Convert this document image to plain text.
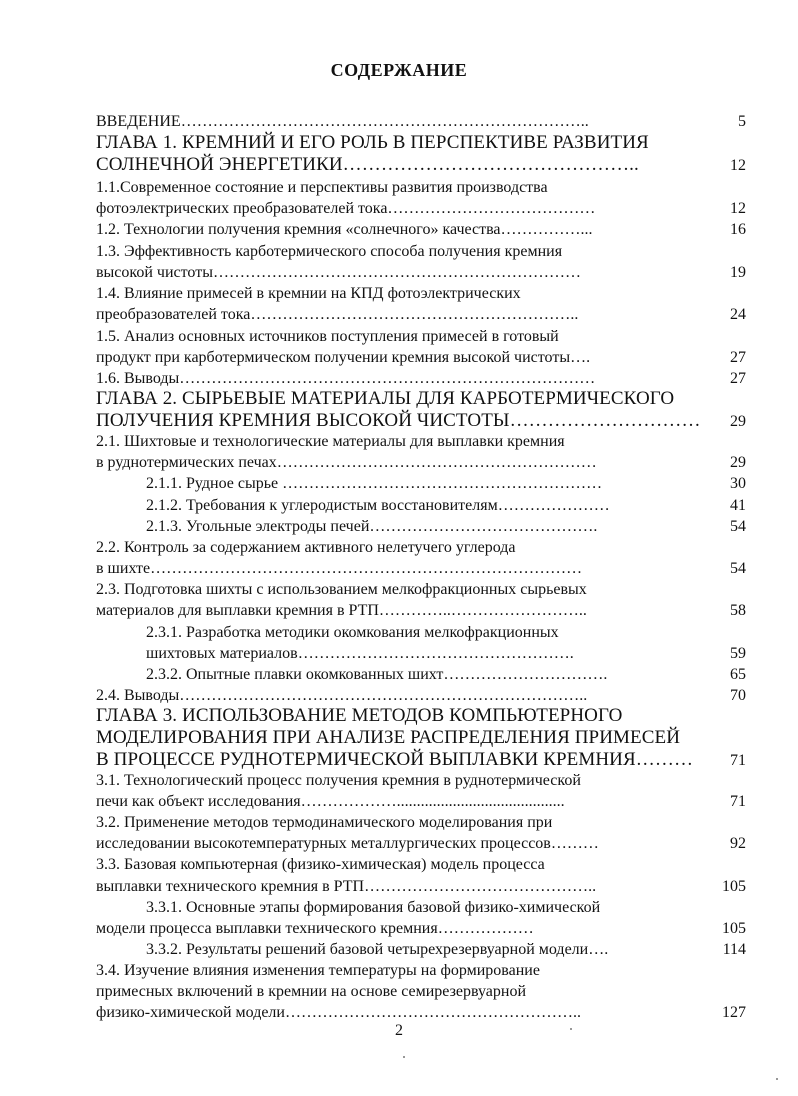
СОДЕРЖАНИЕ
ВВЕДЕНИЕ…………………………………………………………………..	5
ГЛАВА 1. КРЕМНИЙ И ЕГО РОЛЬ В ПЕРСПЕКТИВЕ РАЗВИТИЯ
СОЛНЕЧНОЙ ЭНЕРГЕТИКИ………………………………………..	12
1.1.Современное состояние и перспективы развития производства
фотоэлектрических преобразователей тока…………………………………	12
1.2. Технологии получения кремния «солнечного» качества……………...	16
1.3. Эффективность карботермического способа получения кремния
высокой чистоты……………………………………………………………	19
1.4. Влияние примесей в кремнии на КПД фотоэлектрических
преобразователей тока……………………………………………………..	24
1.5. Анализ основных источников поступления примесей в готовый
продукт при карботермическом получении кремния высокой чистоты….	27
1.6. Выводы……………………………………………………………………	27
ГЛАВА 2. СЫРЬЕВЫЕ МАТЕРИАЛЫ ДЛЯ КАРБОТЕРМИЧЕСКОГО
ПОЛУЧЕНИЯ КРЕМНИЯ ВЫСОКОЙ ЧИСТОТЫ…………………………	29
2.1. Шихтовые и технологические материалы для выплавки кремния
в руднотермических печах……………………………………………………	29
2.1.1. Рудное сырье ……………………………………………………	30
2.1.2. Требования к углеродистым восстановителям…………………	41
2.1.3. Угольные электроды печей…………………………………….	54
2.2. Контроль за содержанием активного нелетучего углерода
в шихте………………………………………………………………………	54
2.3. Подготовка шихты с использованием мелкофракционных сырьевых
материалов для выплавки кремния в РТП…………..……………………..	58
2.3.1. Разработка методики окомкования мелкофракционных
шихтовых материалов…………………………………………….	59
2.3.2. Опытные плавки окомкованных шихт………………………….	65
2.4. Выводы…………………………………………………………………..	70
ГЛАВА 3. ИСПОЛЬЗОВАНИЕ МЕТОДОВ КОМПЬЮТЕРНОГО
МОДЕЛИРОВАНИЯ ПРИ АНАЛИЗЕ РАСПРЕДЕЛЕНИЯ ПРИМЕСЕЙ
В ПРОЦЕССЕ РУДНОТЕРМИЧЕСКОЙ ВЫПЛАВКИ КРЕМНИЯ………	71
3.1. Технологический процесс получения кремния в руднотермической
печи как объект исследования………………..........................................	71
3.2. Применение методов термодинамического моделирования при
исследовании высокотемпературных металлургических процессов………	92
3.3. Базовая компьютерная (физико-химическая) модель процесса
выплавки технического кремния в РТП……………………………………..	105
3.3.1. Основные этапы формирования базовой физико-химической
модели процесса выплавки технического кремния………………	105
3.3.2. Результаты решений базовой четырехрезервуарной модели….	114
3.4. Изучение влияния изменения температуры на формирование
примесных включений в кремнии на основе семирезервуарной
физико-химической модели………………………………………………..	127
2
